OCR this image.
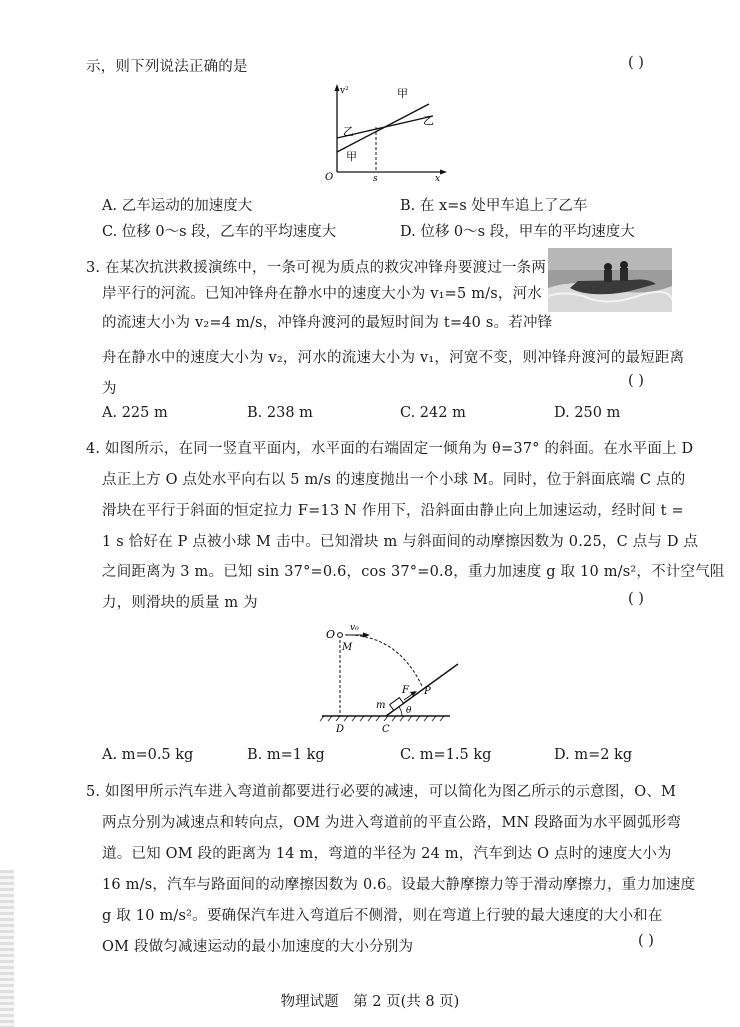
示，则下列说法正确的是	( )
v²
x
O	s
甲
乙
乙
甲
A. 乙车运动的加速度大	B. 在 x=s 处甲车追上了乙车
C. 位移 0～s 段，乙车的平均速度大	D. 位移 0～s 段，甲车的平均速度大
3. 在某次抗洪救援演练中，一条可视为质点的救灾冲锋舟要渡过一条两
岸平行的河流。已知冲锋舟在静水中的速度大小为 v₁=5 m/s，河水
的流速大小为 v₂=4 m/s，冲锋舟渡河的最短时间为 t=40 s。若冲锋
舟在静水中的速度大小为 v₂，河水的流速大小为 v₁，河宽不变，则冲锋舟渡河的最短距离
为	( )
A. 225 m	B. 238 m	C. 242 m	D. 250 m
4. 如图所示，在同一竖直平面内，水平面的右端固定一倾角为 θ=37° 的斜面。在水平面上 D
点正上方 O 点处水平向右以 5 m/s 的速度抛出一个小球 M。同时，位于斜面底端 C 点的
滑块在平行于斜面的恒定拉力 F=13 N 作用下，沿斜面由静止向上加速运动，经时间 t =
1 s 恰好在 P 点被小球 M 击中。已知滑块 m 与斜面间的动摩擦因数为 0.25，C 点与 D 点
之间距离为 3 m。已知 sin 37°=0.6，cos 37°=0.8，重力加速度 g 取 10 m/s²，不计空气阻
力，则滑块的质量 m 为	( )
O v₀
M
F
m
P
θ
D	C
A. m=0.5 kg	B. m=1 kg	C. m=1.5 kg	D. m=2 kg
5. 如图甲所示汽车进入弯道前都要进行必要的减速，可以简化为图乙所示的示意图，O、M
两点分别为减速点和转向点，OM 为进入弯道前的平直公路，MN 段路面为水平圆弧形弯
道。已知 OM 段的距离为 14 m，弯道的半径为 24 m，汽车到达 O 点时的速度大小为
16 m/s，汽车与路面间的动摩擦因数为 0.6。设最大静摩擦力等于滑动摩擦力，重力加速度
g 取 10 m/s²。要确保汽车进入弯道后不侧滑，则在弯道上行驶的最大速度的大小和在
OM 段做匀减速运动的最小加速度的大小分别为	( )
物理试题　第 2 页(共 8 页)
